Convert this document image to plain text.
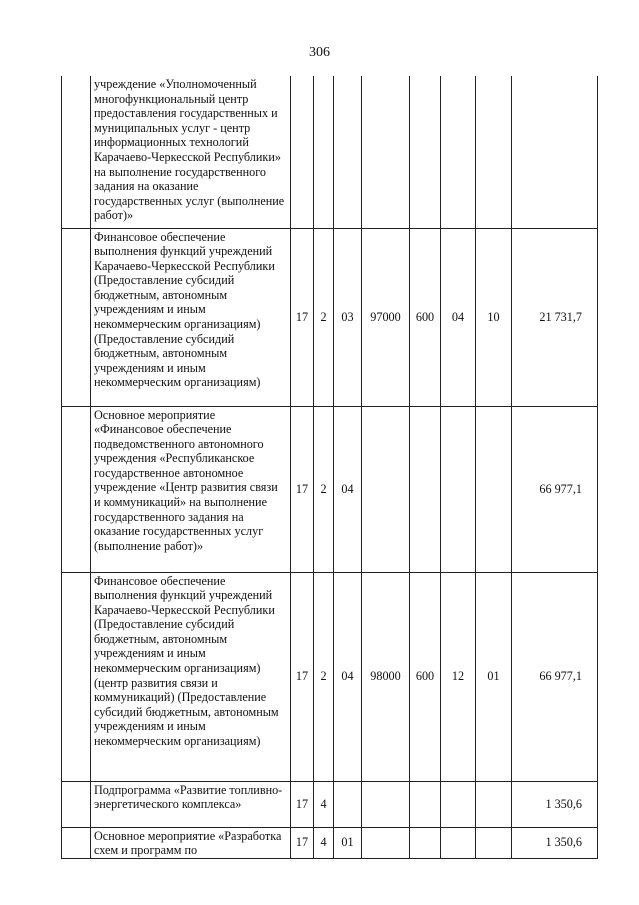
306
	учреждение «Уполномоченный многофункциональный центр предоставления государственных и муниципальных услуг - центр информационных технологий Карачаево-Черкесской Республики» на выполнение государственного задания на оказание государственных услуг (выполнение работ)»								
	Финансовое обеспечение выполнения функций учреждений Карачаево-Черкесской Республики (Предоставление субсидий бюджетным, автономным учреждениям и иным некоммерческим организациям) (Предоставление субсидий бюджетным, автономным учреждениям и иным некоммерческим организациям)	17	2	03	97000	600	04	10	21 731,7
	Основное мероприятие «Финансовое обеспечение подведомственного автономного учреждения «Республиканское государственное автономное учреждение «Центр развития связи и коммуникаций» на выполнение государственного задания на оказание государственных услуг (выполнение работ)»	17	2	04					66 977,1
	Финансовое обеспечение выполнения функций учреждений Карачаево-Черкесской Республики (Предоставление субсидий бюджетным, автономным учреждениям и иным некоммерческим организациям) (центр развития связи и коммуникаций) (Предоставление субсидий бюджетным, автономным учреждениям и иным некоммерческим организациям)	17	2	04	98000	600	12	01	66 977,1
	Подпрограмма «Развитие топливно-энергетического комплекса»	17	4						1 350,6
	Основное мероприятие «Разработка схем и программ по	17	4	01					1 350,6
